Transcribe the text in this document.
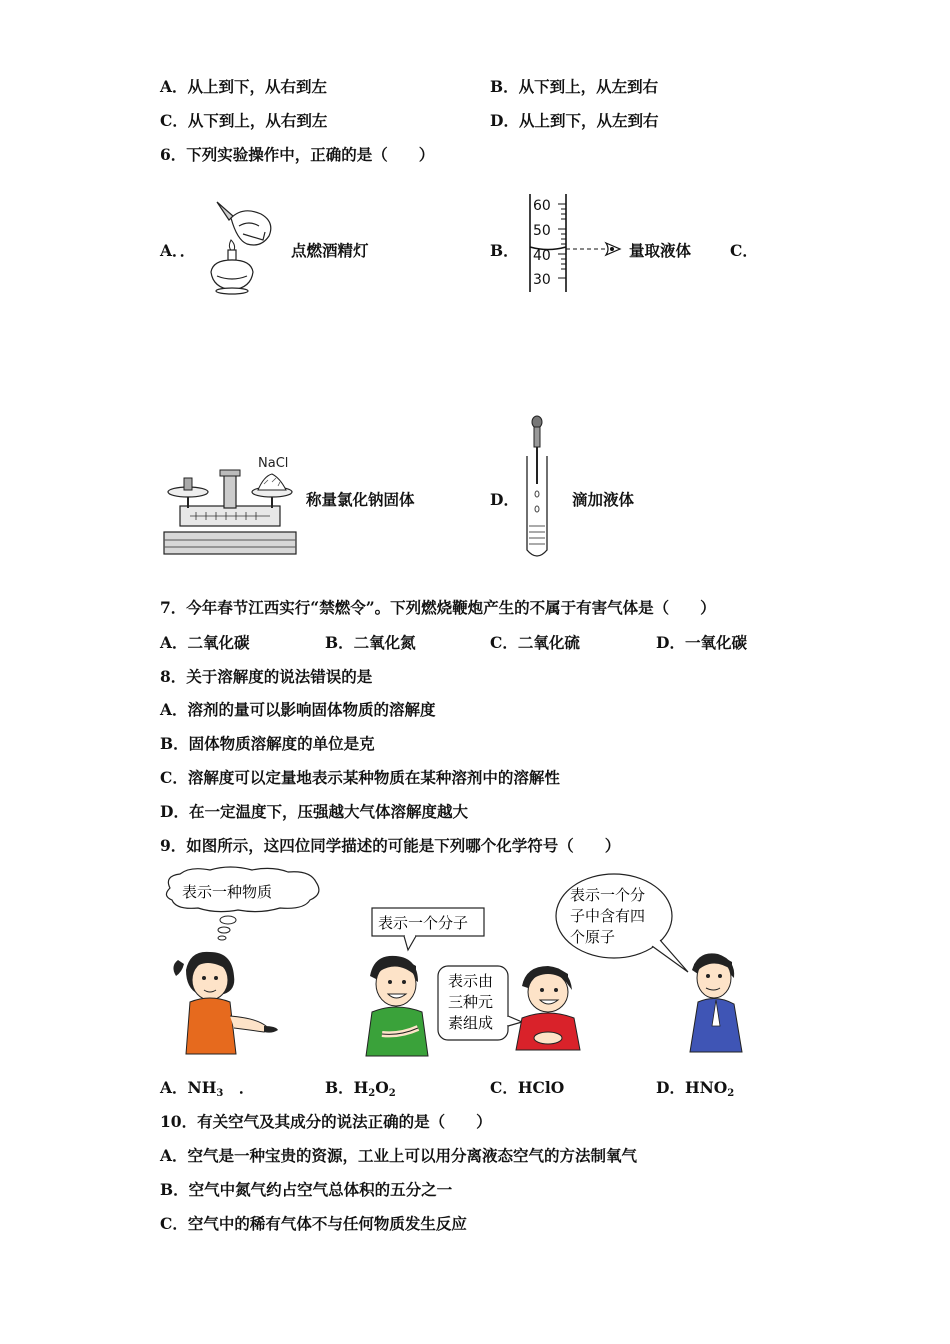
A．从上到下，从右到左	B．从下到上，从左到右
C．从下到上，从右到左	D．从上到下，从左到右
6．下列实验操作中，正确的是（　　）
A．．	点燃酒精灯	B．
60
50
40
30
量取液体	C．
NaCl
称量氯化钠固体	D．	滴加液体
7．今年春节江西实行“禁燃令”。下列燃烧鞭炮产生的不属于有害气体是（　　）
A．二氧化碳	B．二氧化氮	C．二氧化硫	D．一氧化碳
8．关于溶解度的说法错误的是
A．溶剂的量可以影响固体物质的溶解度
B．固体物质溶解度的单位是克
C．溶解度可以定量地表示某种物质在某种溶剂中的溶解性
D．在一定温度下，压强越大气体溶解度越大
9．如图所示，这四位同学描述的可能是下列哪个化学符号（　　）
表示一种物质
表示一个分子
表示由
三种元
素组成
表示一个分
子中含有四
个原子
A．$NH_3$　．	B．$H_2O_2$	C．HClO	D．$HNO_2$
10．有关空气及其成分的说法正确的是（　　）
A．空气是一种宝贵的资源，工业上可以用分离液态空气的方法制氧气
B．空气中氮气约占空气总体积的五分之一
C．空气中的稀有气体不与任何物质发生反应
